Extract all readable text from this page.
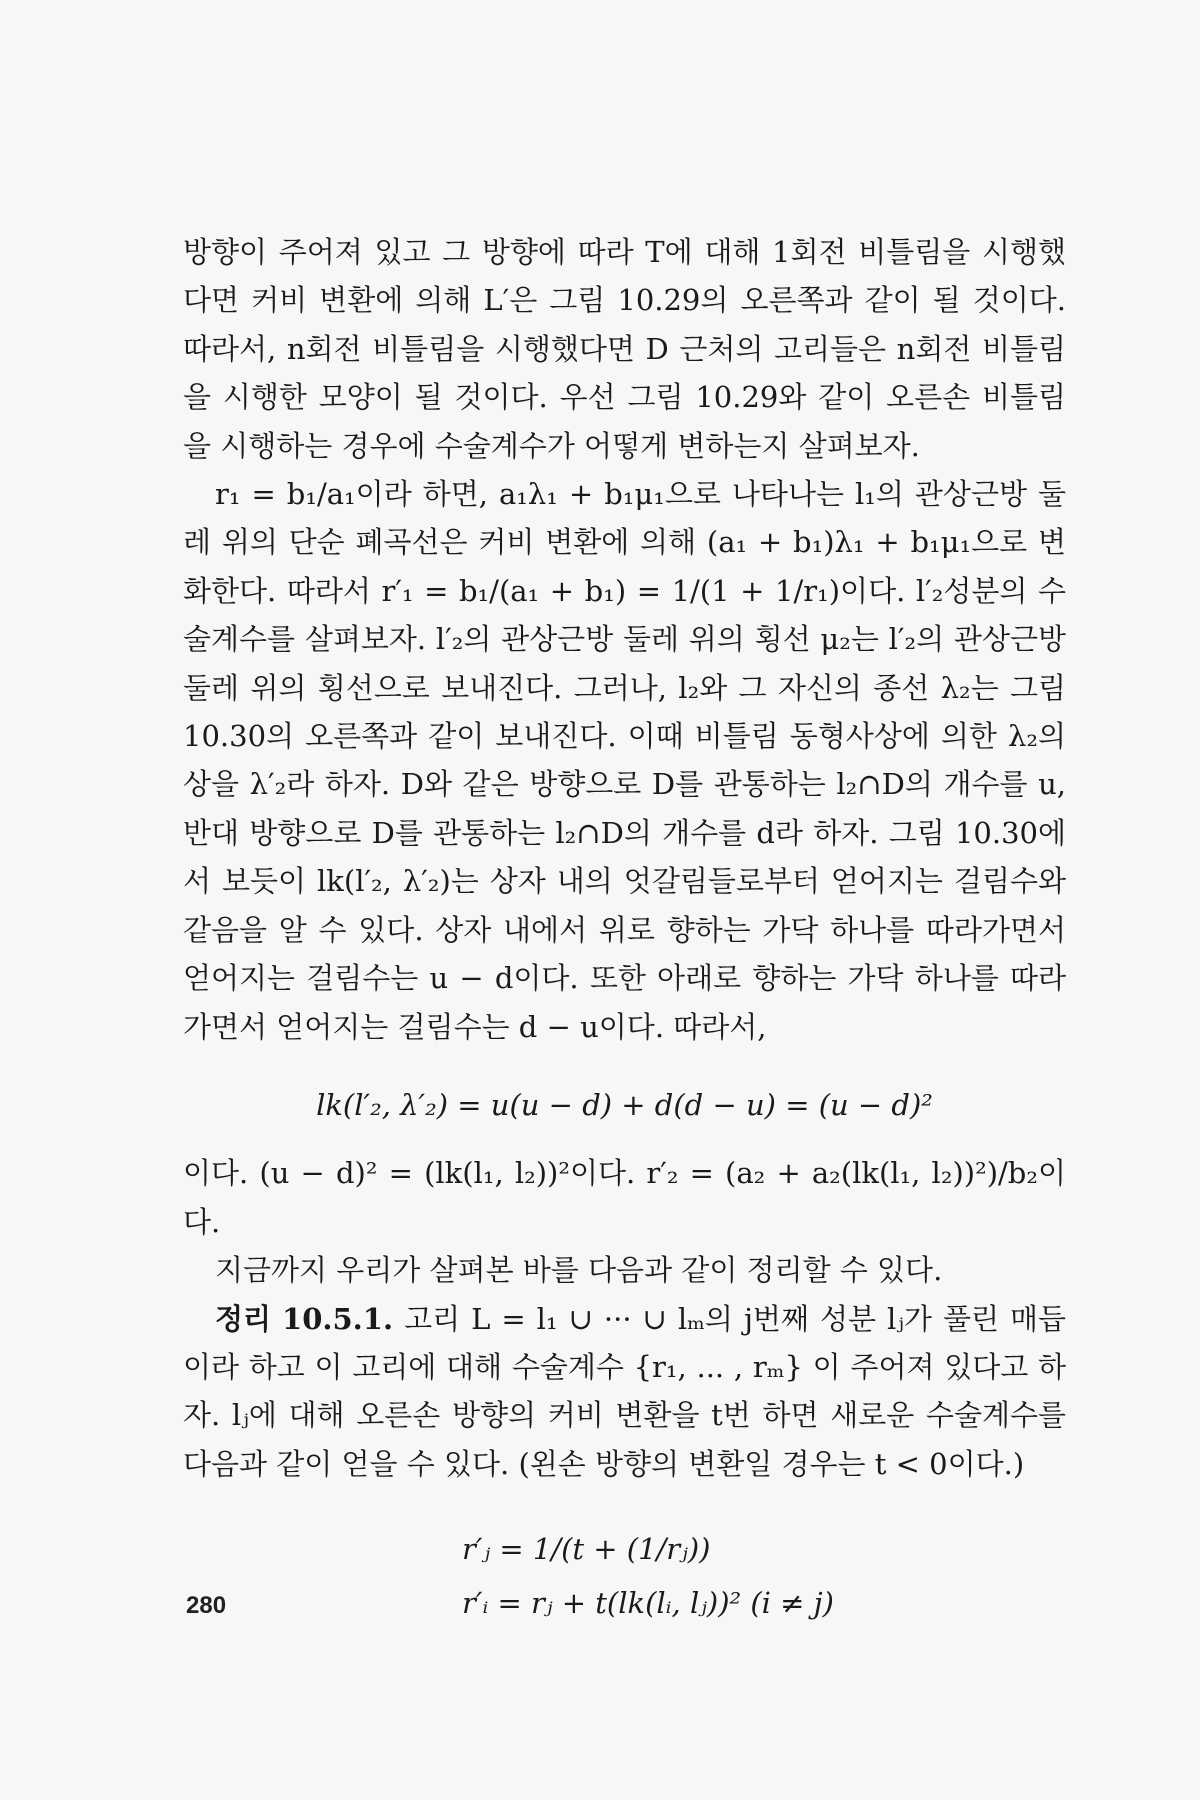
방향이 주어져 있고 그 방향에 따라 T에 대해 1회전 비틀림을 시행했다면 커비 변환에 의해 L′은 그림 10.29의 오른쪽과 같이 될 것이다. 따라서, n회전 비틀림을 시행했다면 D 근처의 고리들은 n회전 비틀림을 시행한 모양이 될 것이다. 우선 그림 10.29와 같이 오른손 비틀림을 시행하는 경우에 수술계수가 어떻게 변하는지 살펴보자.

r₁ = b₁/a₁이라 하면, a₁λ₁ + b₁μ₁으로 나타나는 l₁의 관상근방 둘레 위의 단순 폐곡선은 커비 변환에 의해 (a₁ + b₁)λ₁ + b₁μ₁으로 변화한다. 따라서 r′₁ = b₁/(a₁ + b₁) = 1/(1 + 1/r₁)이다. l′₂성분의 수술계수를 살펴보자. l′₂의 관상근방 둘레 위의 횡선 μ₂는 l′₂의 관상근방 둘레 위의 횡선으로 보내진다. 그러나, l₂와 그 자신의 종선 λ₂는 그림 10.30의 오른쪽과 같이 보내진다. 이때 비틀림 동형사상에 의한 λ₂의 상을 λ′₂라 하자. D와 같은 방향으로 D를 관통하는 l₂∩D의 개수를 u, 반대 방향으로 D를 관통하는 l₂∩D의 개수를 d라 하자. 그림 10.30에서 보듯이 lk(l′₂, λ′₂)는 상자 내의 엇갈림들로부터 얻어지는 걸림수와 같음을 알 수 있다. 상자 내에서 위로 향하는 가닥 하나를 따라가면서 얻어지는 걸림수는 u − d이다. 또한 아래로 향하는 가닥 하나를 따라가면서 얻어지는 걸림수는 d − u이다. 따라서,

lk(l′₂, λ′₂) = u(u − d) + d(d − u) = (u − d)²

이다. (u − d)² = (lk(l₁, l₂))²이다. r′₂ = (a₂ + a₂(lk(l₁, l₂))²)/b₂이다.

지금까지 우리가 살펴본 바를 다음과 같이 정리할 수 있다.

정리 10.5.1. 고리 L = l₁ ∪ ··· ∪ lₘ의 j번째 성분 lⱼ가 풀린 매듭이라 하고 이 고리에 대해 수술계수 {r₁, ... , rₘ} 이 주어져 있다고 하자. lⱼ에 대해 오른손 방향의 커비 변환을 t번 하면 새로운 수술계수를 다음과 같이 얻을 수 있다. (왼손 방향의 변환일 경우는 t < 0이다.)

r′ⱼ = 1/(t + (1/rⱼ))
r′ᵢ = rⱼ + t(lk(lᵢ, lⱼ))² (i ≠ j)
280
